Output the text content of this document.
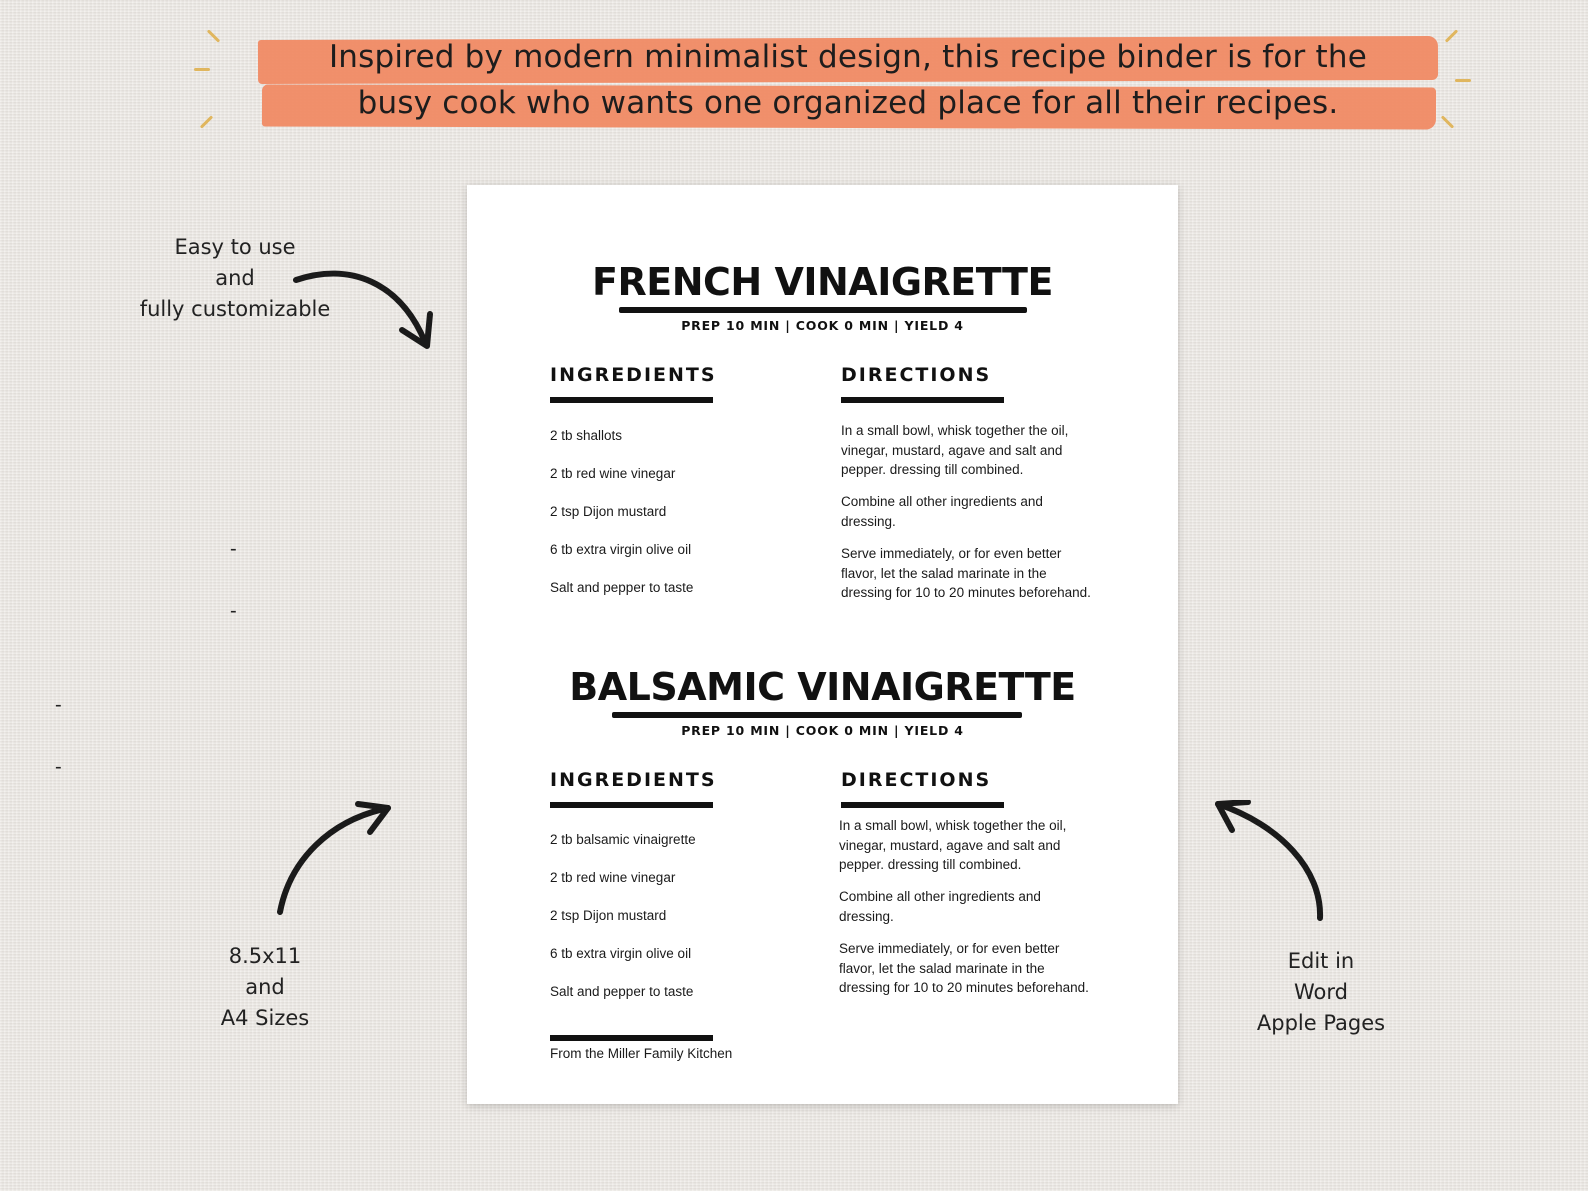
Inspired by modern minimalist design, this recipe binder is for the
busy cook who wants one organized place for all their recipes.
Easy to use
and
fully customizable
-
-
-
-
8.5x11
and
A4 Sizes
Edit in
Word
Apple Pages
FRENCH VINAIGRETTE
PREP 10 MIN | COOK 0 MIN | YIELD 4
INGREDIENTS	DIRECTIONS
2 tb shallots
2 tb red wine vinegar
2 tsp Dijon mustard
6 tb extra virgin olive oil
Salt and pepper to taste
In a small bowl, whisk together the oil, vinegar, mustard, agave and salt and pepper. dressing till combined.
Combine all other ingredients and dressing.
Serve immediately, or for even better flavor, let the salad marinate in the dressing for 10 to 20 minutes beforehand.
BALSAMIC VINAIGRETTE
PREP 10 MIN | COOK 0 MIN | YIELD 4
INGREDIENTS	DIRECTIONS
2 tb balsamic vinaigrette
2 tb red wine vinegar
2 tsp Dijon mustard
6 tb extra virgin olive oil
Salt and pepper to taste
In a small bowl, whisk together the oil, vinegar, mustard, agave and salt and pepper. dressing till combined.
Combine all other ingredients and dressing.
Serve immediately, or for even better flavor, let the salad marinate in the dressing for 10 to 20 minutes beforehand.
From the Miller Family Kitchen
